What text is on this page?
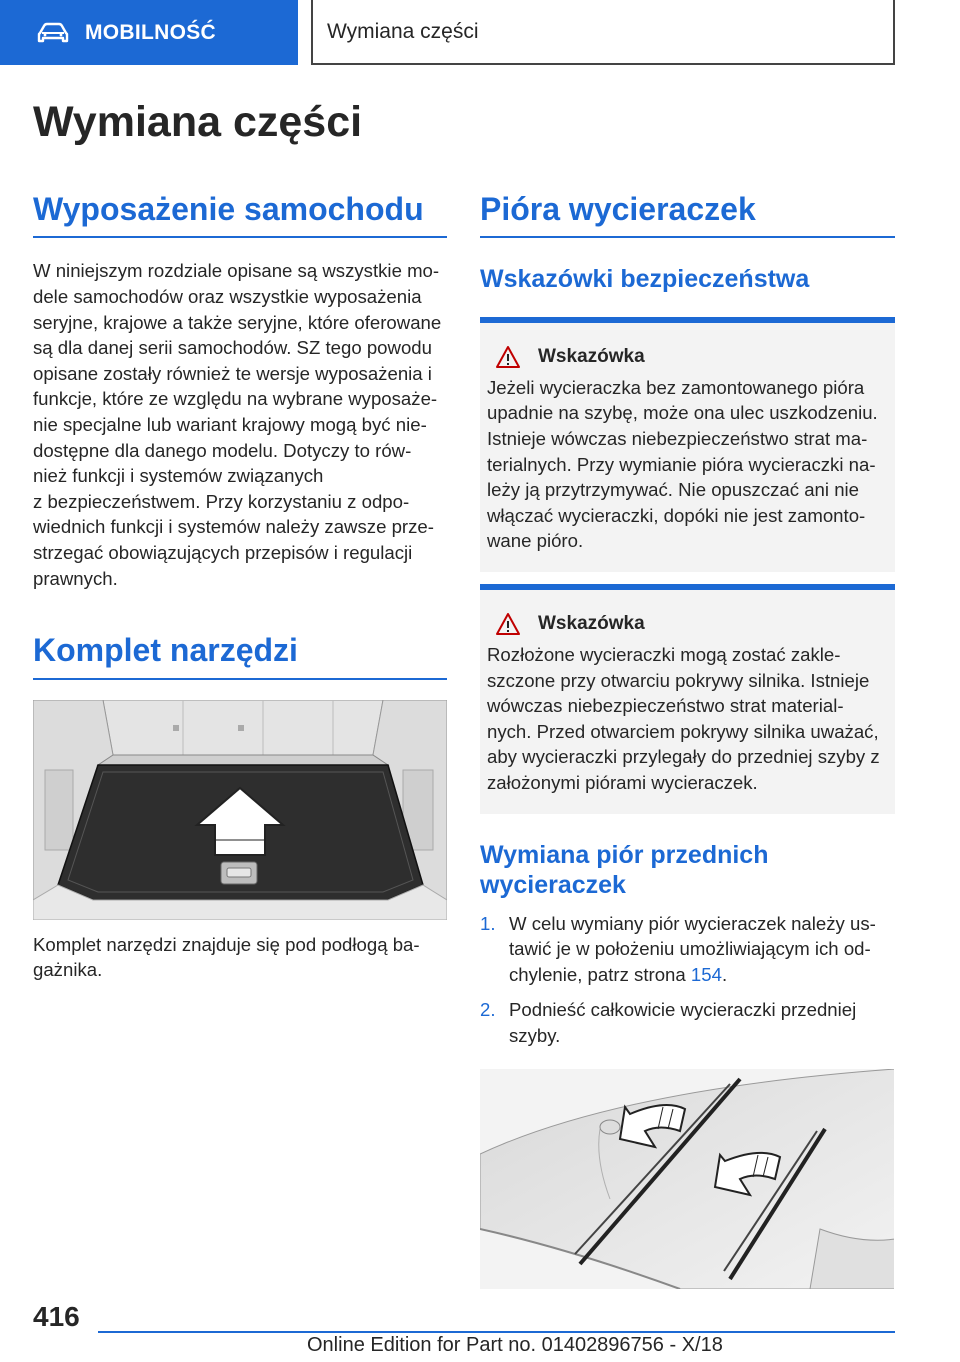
MOBILNOŚĆ	Wymiana części
Wymiana części
Wyposażenie samochodu
W niniejszym rozdziale opisane są wszystkie mo-
dele samochodów oraz wszystkie wyposażenia
seryjne, krajowe a także seryjne, które oferowane
są dla danej serii samochodów. SZ tego powodu
opisane zostały również te wersje wyposażenia i
funkcje, które ze względu na wybrane wyposaże-
nie specjalne lub wariant krajowy mogą być nie-
dostępne dla danego modelu. Dotyczy to rów-
nież funkcji i systemów związanych
z bezpieczeństwem. Przy korzystaniu z odpo-
wiednich funkcji i systemów należy zawsze prze-
strzegać obowiązujących przepisów i regulacji
prawnych.
Komplet narzędzi
Komplet narzędzi znajduje się pod podłogą ba-
gażnika.
Pióra wycieraczek
Wskazówki bezpieczeństwa
Wskazówka
Jeżeli wycieraczka bez zamontowanego pióra
upadnie na szybę, może ona ulec uszkodzeniu.
Istnieje wówczas niebezpieczeństwo strat ma-
terialnych. Przy wymianie pióra wycieraczki na-
leży ją przytrzymywać. Nie opuszczać ani nie
włączać wycieraczki, dopóki nie jest zamonto-
wane pióro.
Wskazówka
Rozłożone wycieraczki mogą zostać zakle-
szczone przy otwarciu pokrywy silnika. Istnieje
wówczas niebezpieczeństwo strat material-
nych. Przed otwarciem pokrywy silnika uważać,
aby wycieraczki przylegały do przedniej szyby z
założonymi piórami wycieraczek.
Wymiana piór przednich
wycieraczek
1. W celu wymiany piór wycieraczek należy us-
tawić je w położeniu umożliwiającym ich od-
chylenie, patrz strona 154.
2. Podnieść całkowicie wycieraczki przedniej
szyby.
416
Online Edition for Part no. 01402896756 - X/18
